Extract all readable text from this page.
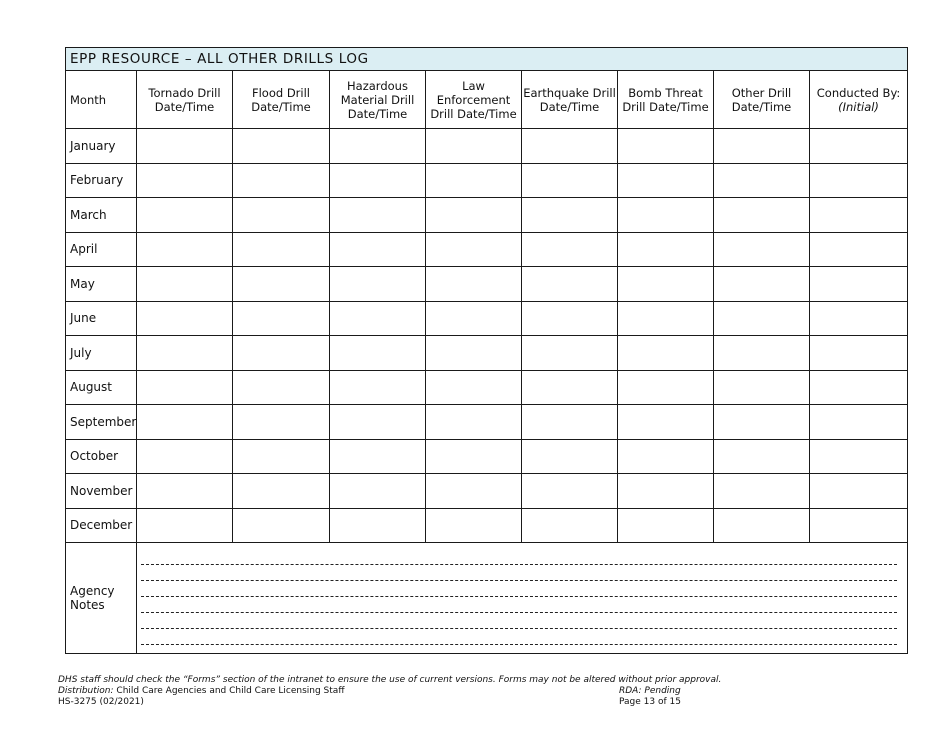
EPP RESOURCE – ALL OTHER DRILLS LOG								
Month	Tornado Drill Date/Time	Flood Drill Date/Time	Hazardous Material Drill Date/Time	Law Enforcement Drill Date/Time	Earthquake Drill Date/Time	Bomb Threat Drill Date/Time	Other Drill Date/Time	Conducted By:
(Initial)

January								
February								
March								
April								
May								
June								
July								
August								
September								
October								
November								
December								
Agency Notes								
DHS staff should check the “Forms” section of the intranet to ensure the use of current versions. Forms may not be altered without prior approval.
Distribution: Child Care Agencies and Child Care Licensing Staff	RDA: Pending
HS-3275 (02/2021)	Page 13 of 15
